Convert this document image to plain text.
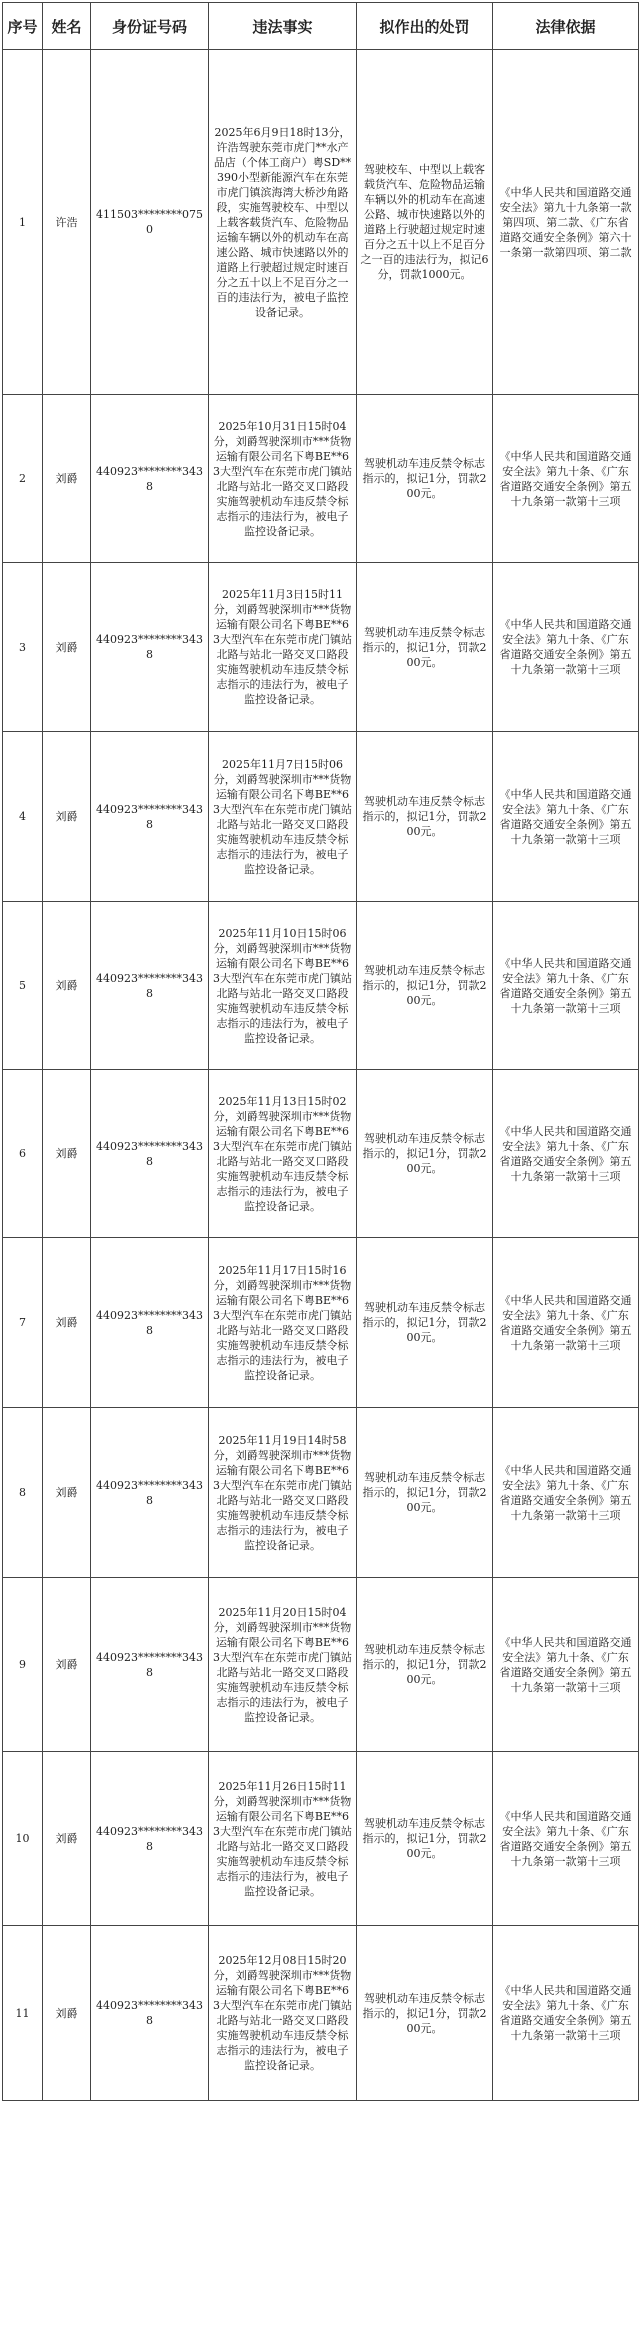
序号	姓名	身份证号码	违法事实	拟作出的处罚	法律依据
1	许浩	411503********0750	2025年6月9日18时13分，许浩驾驶东莞市虎门**水产品店（个体工商户）粤SD**390小型新能源汽车在东莞市虎门镇滨海湾大桥沙角路段，实施驾驶校车、中型以上载客载货汽车、危险物品运输车辆以外的机动车在高速公路、城市快速路以外的道路上行驶超过规定时速百分之五十以上不足百分之一百的违法行为，被电子监控设备记录。	驾驶校车、中型以上载客载货汽车、危险物品运输车辆以外的机动车在高速公路、城市快速路以外的道路上行驶超过规定时速百分之五十以上不足百分之一百的违法行为，拟记6分，罚款1000元。	《中华人民共和国道路交通安全法》第九十九条第一款第四项、第二款、《广东省道路交通安全条例》第六十一条第一款第四项、第二款
2	刘爵	440923********3438	2025年10月31日15时04分，刘爵驾驶深圳市***货物运输有限公司名下粤BE**63大型汽车在东莞市虎门镇站北路与站北一路交叉口路段实施驾驶机动车违反禁令标志指示的违法行为，被电子监控设备记录。	驾驶机动车违反禁令标志指示的，拟记1分，罚款200元。	《中华人民共和国道路交通安全法》第九十条、《广东省道路交通安全条例》第五十九条第一款第十三项
3	刘爵	440923********3438	2025年11月3日15时11分，刘爵驾驶深圳市***货物运输有限公司名下粤BE**63大型汽车在东莞市虎门镇站北路与站北一路交叉口路段实施驾驶机动车违反禁令标志指示的违法行为，被电子监控设备记录。	驾驶机动车违反禁令标志指示的，拟记1分，罚款200元。	《中华人民共和国道路交通安全法》第九十条、《广东省道路交通安全条例》第五十九条第一款第十三项
4	刘爵	440923********3438	2025年11月7日15时06分，刘爵驾驶深圳市***货物运输有限公司名下粤BE**63大型汽车在东莞市虎门镇站北路与站北一路交叉口路段实施驾驶机动车违反禁令标志指示的违法行为，被电子监控设备记录。	驾驶机动车违反禁令标志指示的，拟记1分，罚款200元。	《中华人民共和国道路交通安全法》第九十条、《广东省道路交通安全条例》第五十九条第一款第十三项
5	刘爵	440923********3438	2025年11月10日15时06分，刘爵驾驶深圳市***货物运输有限公司名下粤BE**63大型汽车在东莞市虎门镇站北路与站北一路交叉口路段实施驾驶机动车违反禁令标志指示的违法行为，被电子监控设备记录。	驾驶机动车违反禁令标志指示的，拟记1分，罚款200元。	《中华人民共和国道路交通安全法》第九十条、《广东省道路交通安全条例》第五十九条第一款第十三项
6	刘爵	440923********3438	2025年11月13日15时02分，刘爵驾驶深圳市***货物运输有限公司名下粤BE**63大型汽车在东莞市虎门镇站北路与站北一路交叉口路段实施驾驶机动车违反禁令标志指示的违法行为，被电子监控设备记录。	驾驶机动车违反禁令标志指示的，拟记1分，罚款200元。	《中华人民共和国道路交通安全法》第九十条、《广东省道路交通安全条例》第五十九条第一款第十三项
7	刘爵	440923********3438	2025年11月17日15时16分，刘爵驾驶深圳市***货物运输有限公司名下粤BE**63大型汽车在东莞市虎门镇站北路与站北一路交叉口路段实施驾驶机动车违反禁令标志指示的违法行为，被电子监控设备记录。	驾驶机动车违反禁令标志指示的，拟记1分，罚款200元。	《中华人民共和国道路交通安全法》第九十条、《广东省道路交通安全条例》第五十九条第一款第十三项
8	刘爵	440923********3438	2025年11月19日14时58分，刘爵驾驶深圳市***货物运输有限公司名下粤BE**63大型汽车在东莞市虎门镇站北路与站北一路交叉口路段实施驾驶机动车违反禁令标志指示的违法行为，被电子监控设备记录。	驾驶机动车违反禁令标志指示的，拟记1分，罚款200元。	《中华人民共和国道路交通安全法》第九十条、《广东省道路交通安全条例》第五十九条第一款第十三项
9	刘爵	440923********3438	2025年11月20日15时04分，刘爵驾驶深圳市***货物运输有限公司名下粤BE**63大型汽车在东莞市虎门镇站北路与站北一路交叉口路段实施驾驶机动车违反禁令标志指示的违法行为，被电子监控设备记录。	驾驶机动车违反禁令标志指示的，拟记1分，罚款200元。	《中华人民共和国道路交通安全法》第九十条、《广东省道路交通安全条例》第五十九条第一款第十三项
10	刘爵	440923********3438	2025年11月26日15时11分，刘爵驾驶深圳市***货物运输有限公司名下粤BE**63大型汽车在东莞市虎门镇站北路与站北一路交叉口路段实施驾驶机动车违反禁令标志指示的违法行为，被电子监控设备记录。	驾驶机动车违反禁令标志指示的，拟记1分，罚款200元。	《中华人民共和国道路交通安全法》第九十条、《广东省道路交通安全条例》第五十九条第一款第十三项
11	刘爵	440923********3438	2025年12月08日15时20分，刘爵驾驶深圳市***货物运输有限公司名下粤BE**63大型汽车在东莞市虎门镇站北路与站北一路交叉口路段实施驾驶机动车违反禁令标志指示的违法行为，被电子监控设备记录。	驾驶机动车违反禁令标志指示的，拟记1分，罚款200元。	《中华人民共和国道路交通安全法》第九十条、《广东省道路交通安全条例》第五十九条第一款第十三项
